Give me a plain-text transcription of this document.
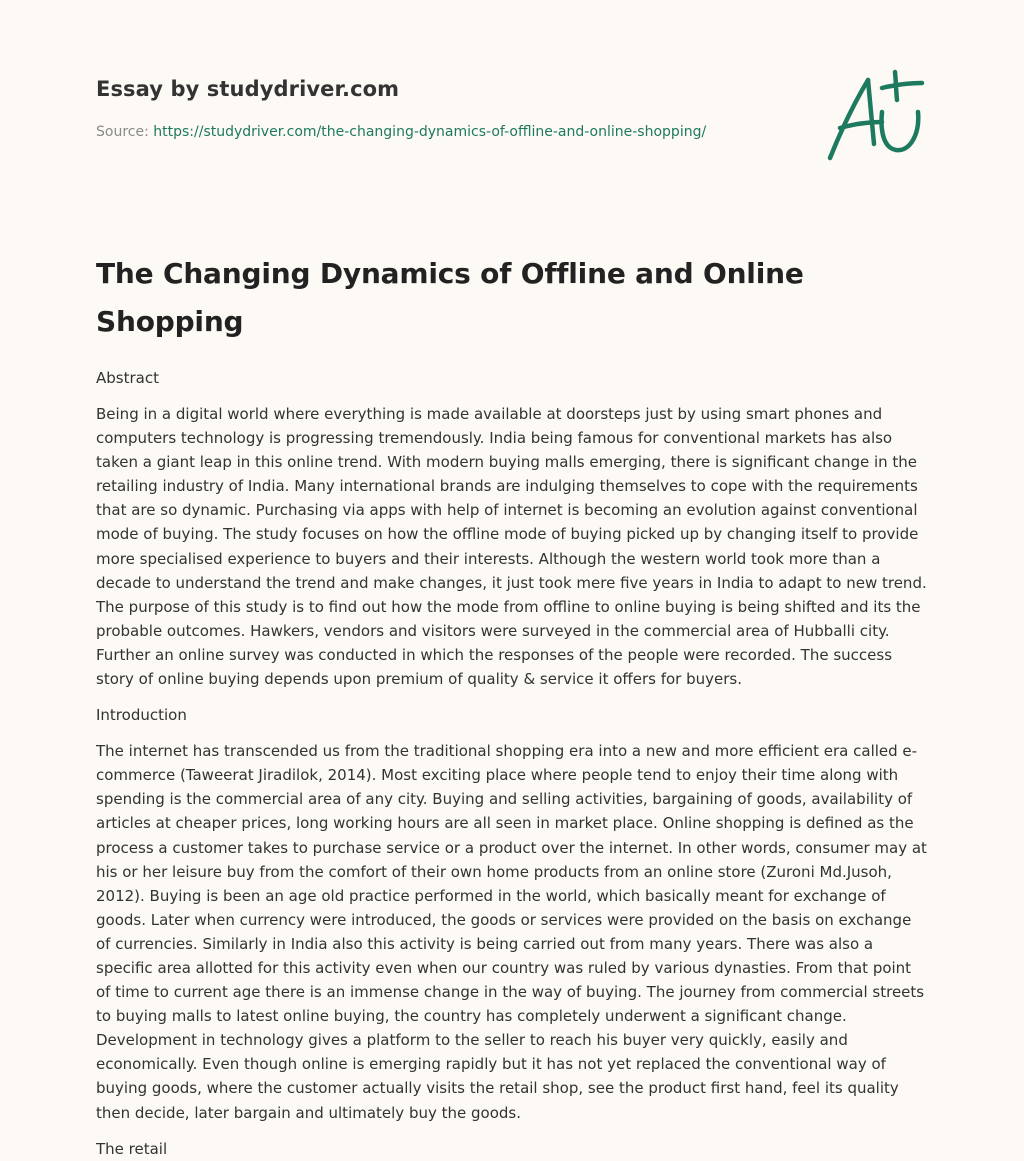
Essay by studydriver.com
Source: https://studydriver.com/the-changing-dynamics-of-offline-and-online-shopping/
The Changing Dynamics of Offline and Online Shopping
Abstract

Being in a digital world where everything is made available at doorsteps just by using smart phones and computers technology is progressing tremendously. India being famous for conventional markets has also taken a giant leap in this online trend. With modern buying malls emerging, there is significant change in the retailing industry of India. Many international brands are indulging themselves to cope with the requirements that are so dynamic. Purchasing via apps with help of internet is becoming an evolution against conventional mode of buying. The study focuses on how the offline mode of buying picked up by changing itself to provide more specialised experience to buyers and their interests. Although the western world took more than a decade to understand the trend and make changes, it just took mere five years in India to adapt to new trend. The purpose of this study is to find out how the mode from offline to online buying is being shifted and its the probable outcomes. Hawkers, vendors and visitors were surveyed in the commercial area of Hubballi city. Further an online survey was conducted in which the responses of the people were recorded. The success story of online buying depends upon premium of quality & service it offers for buyers.

Introduction

The internet has transcended us from the traditional shopping era into a new and more efficient era called e-commerce (Taweerat Jiradilok, 2014). Most exciting place where people tend to enjoy their time along with spending is the commercial area of any city. Buying and selling activities, bargaining of goods, availability of articles at cheaper prices, long working hours are all seen in market place. Online shopping is defined as the process a customer takes to purchase service or a product over the internet. In other words, consumer may at his or her leisure buy from the comfort of their own home products from an online store (Zuroni Md.Jusoh, 2012). Buying is been an age old practice performed in the world, which basically meant for exchange of goods. Later when currency were introduced, the goods or services were provided on the basis on exchange of currencies. Similarly in India also this activity is being carried out from many years. There was also a specific area allotted for this activity even when our country was ruled by various dynasties. From that point of time to current age there is an immense change in the way of buying. The journey from commercial streets to buying malls to latest online buying, the country has completely underwent a significant change. Development in technology gives a platform to the seller to reach his buyer very quickly, easily and economically. Even though online is emerging rapidly but it has not yet replaced the conventional way of buying goods, where the customer actually visits the retail shop, see the product first hand, feel its quality then decide, later bargain and ultimately buy the goods.

The retail
